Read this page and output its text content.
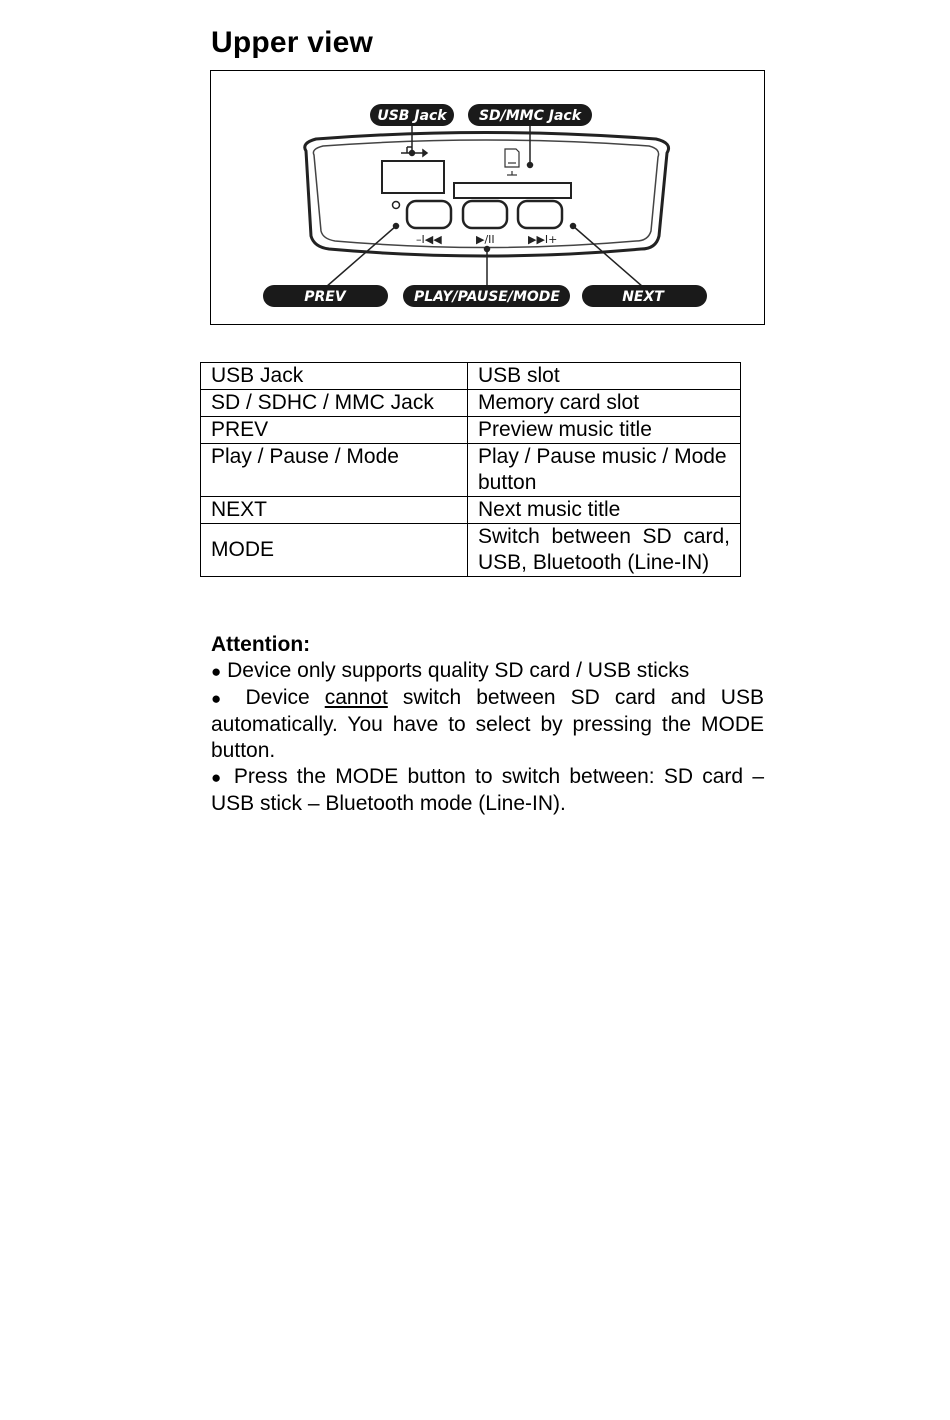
Upper view
–I◀◀	▶/II	▶▶I+
USB Jack SD/MMC Jack
PREV	PLAY/PAUSE/MODE	NEXT
USB Jack	USB slot
SD / SDHC / MMC Jack	Memory card slot
PREV	Preview music title
Play / Pause / Mode	Play / Pause music / Mode button
NEXT	Next music title
MODE	Switch between SD card, USB, Bluetooth (Line-IN)

Attention:

● Device only supports quality SD card / USB sticks

● Device cannot switch between SD card and USB automatically. You have to select by pressing the MODE button.

● Press the MODE button to switch between: SD card – USB stick – Bluetooth mode (Line-IN).
